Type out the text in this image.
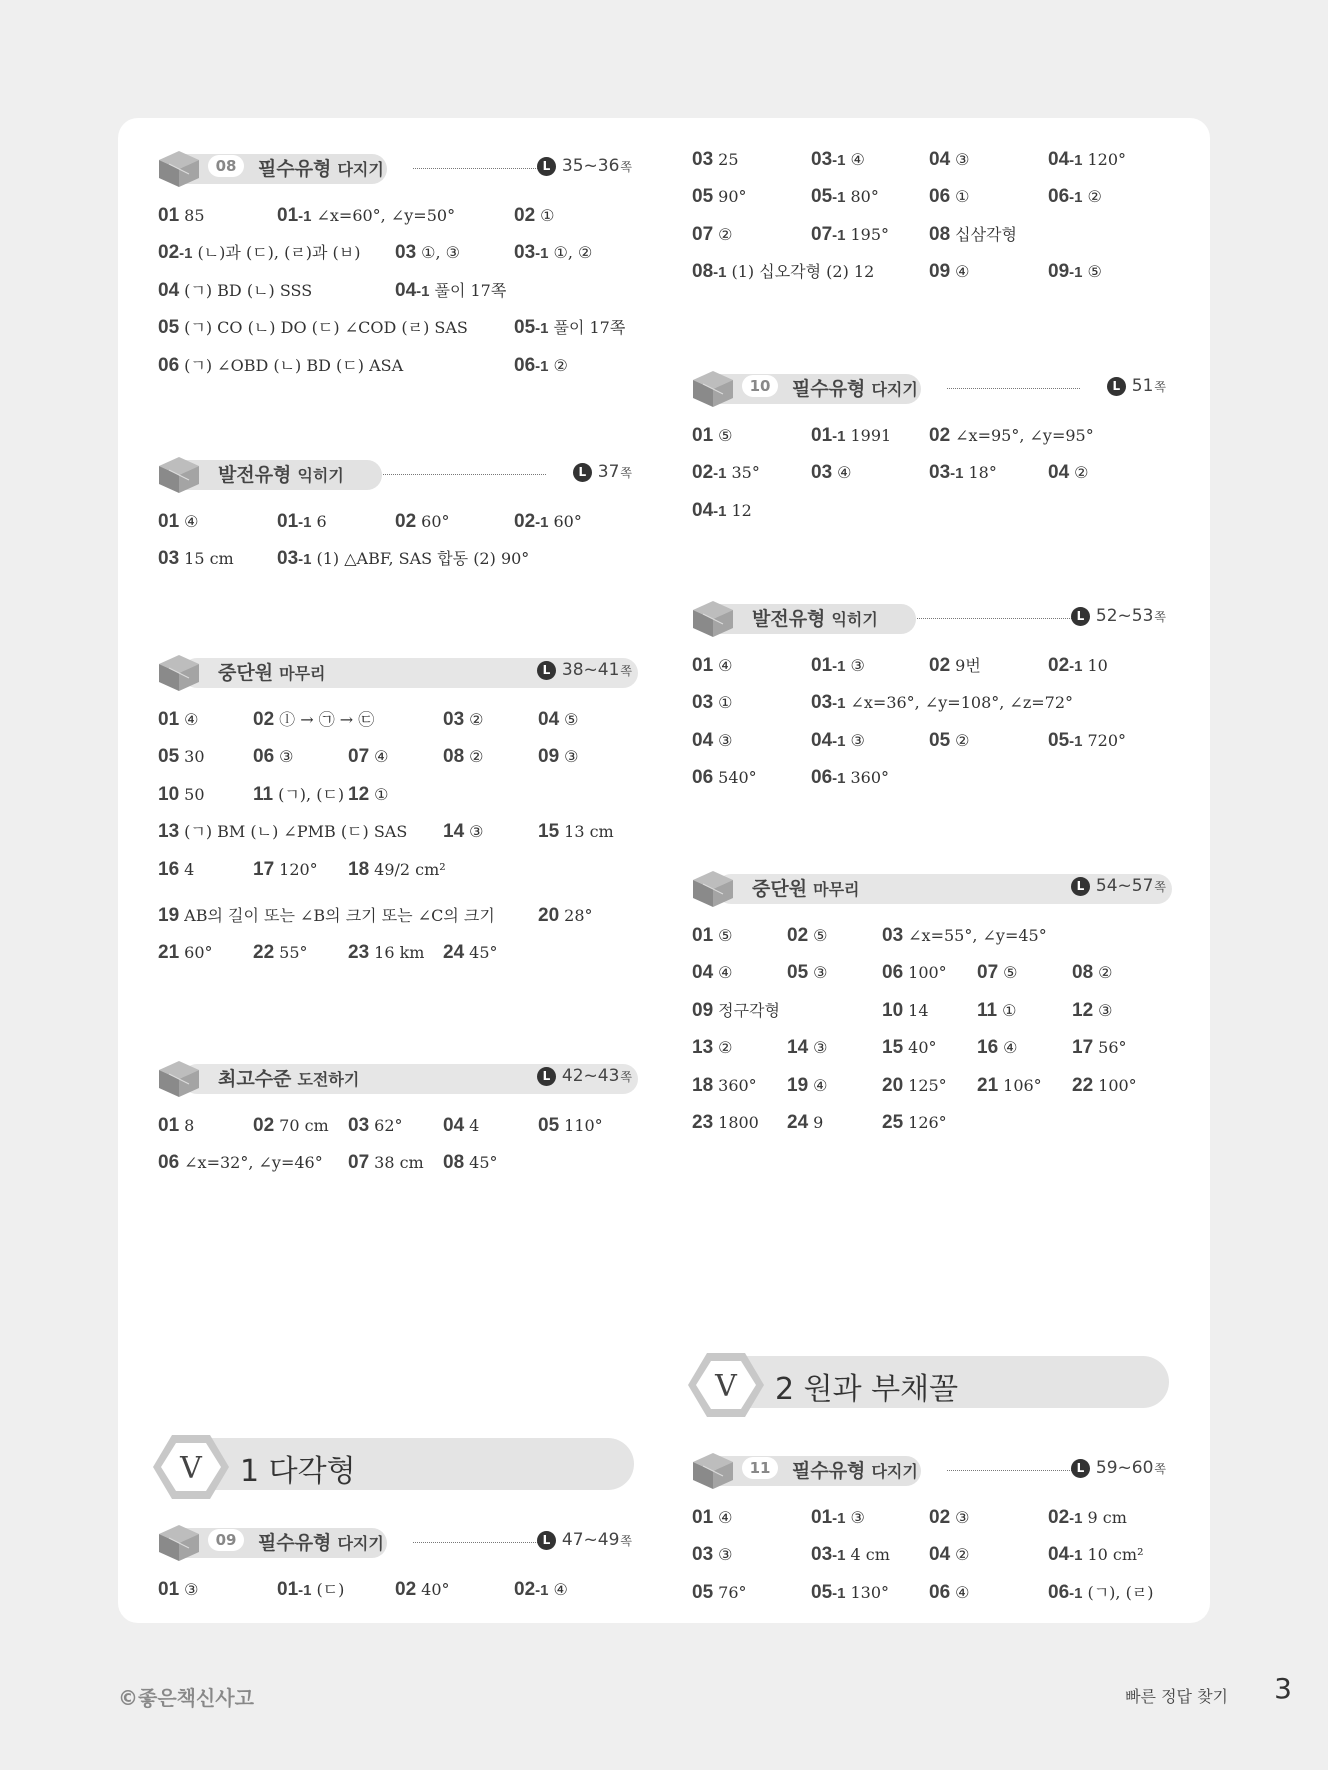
08	필수유형 다지기	L 35~36 쪽
01 85	01-1 ∠x=60°, ∠y=50°	02 ①
02-1 (ㄴ)과 (ㄷ), (ㄹ)과 (ㅂ) 03 ①, ③	03-1 ①, ②
04 (ㄱ) BD (ㄴ) SSS	04-1 풀이 17쪽
05 (ㄱ) CO (ㄴ) DO (ㄷ) ∠COD (ㄹ) SAS 05-1 풀이 17쪽
06 (ㄱ) ∠OBD (ㄴ) BD (ㄷ) ASA	06-1 ②
발전유형 익히기	L 37 쪽
01 ④	01-1 6	02 60°	02-1 60°
03 15 cm 03-1 (1) △ABF, SAS 합동 (2) 90°
중단원 마무리	L 38~41 쪽
01 ④	02 ⓛ → ㉠ → ㉢	03 ②	04 ⑤
05 30	06 ③	07 ④	08 ②	09 ③
10 50	11 (ㄱ), (ㄷ) 12 ①
13 (ㄱ) BM (ㄴ) ∠PMB (ㄷ) SAS 14 ③	15 13 cm
16 4	17 120° 18 49/2 cm²
19 AB의 길이 또는 ∠B의 크기 또는 ∠C의 크기 20 28°
21 60° 22 55° 23 16 km 24 45°
최고수준 도전하기	L 42~43 쪽
01 8	02 70 cm 03 62° 04 4	05 110°
06 ∠x=32°, ∠y=46° 07 38 cm 08 45°
09	필수유형 다지기	L 47~49 쪽
01 ③	01-1 (ㄷ)	02 40°	02-1 ④
03 25	03-1 ④	04 ③	04-1 120°
05 90°	05-1 80°	06 ①	06-1 ②
07 ②	07-1 195° 08 십삼각형
08-1 (1) 십오각형 (2) 12	09 ④	09-1 ⑤
10	필수유형 다지기	L 51 쪽
01 ⑤	01-1 1991 02 ∠x=95°, ∠y=95°
02-1 35°	03 ④	03-1 18°	04 ②
04-1 12
발전유형 익히기	L 52~53 쪽
01 ④	01-1 ③	02 9번	02-1 10
03 ①	03-1 ∠x=36°, ∠y=108°, ∠z=72°
04 ③	04-1 ③	05 ②	05-1 720°
06 540°	06-1 360°
중단원 마무리	L 54~57 쪽
01 ⑤	02 ⑤	03 ∠x=55°, ∠y=45°
04 ④	05 ③	06 100° 07 ⑤	08 ②
09 정구각형	10 14	11 ①	12 ③
13 ②	14 ③	15 40° 16 ④	17 56°
18 360° 19 ④	20 125° 21 106° 22 100°
23 1800 24 9	25 126°
11	필수유형 다지기	L 59~60 쪽
01 ④	01-1 ③	02 ③	02-1 9 cm
03 ③	03-1 4 cm 04 ②	04-1 10 cm²
05 76°	05-1 130° 06 ④	06-1 (ㄱ), (ㄹ)
V 1 다각형
V 2 원과 부채꼴
©좋은책신사고	빠른 정답 찾기 3
